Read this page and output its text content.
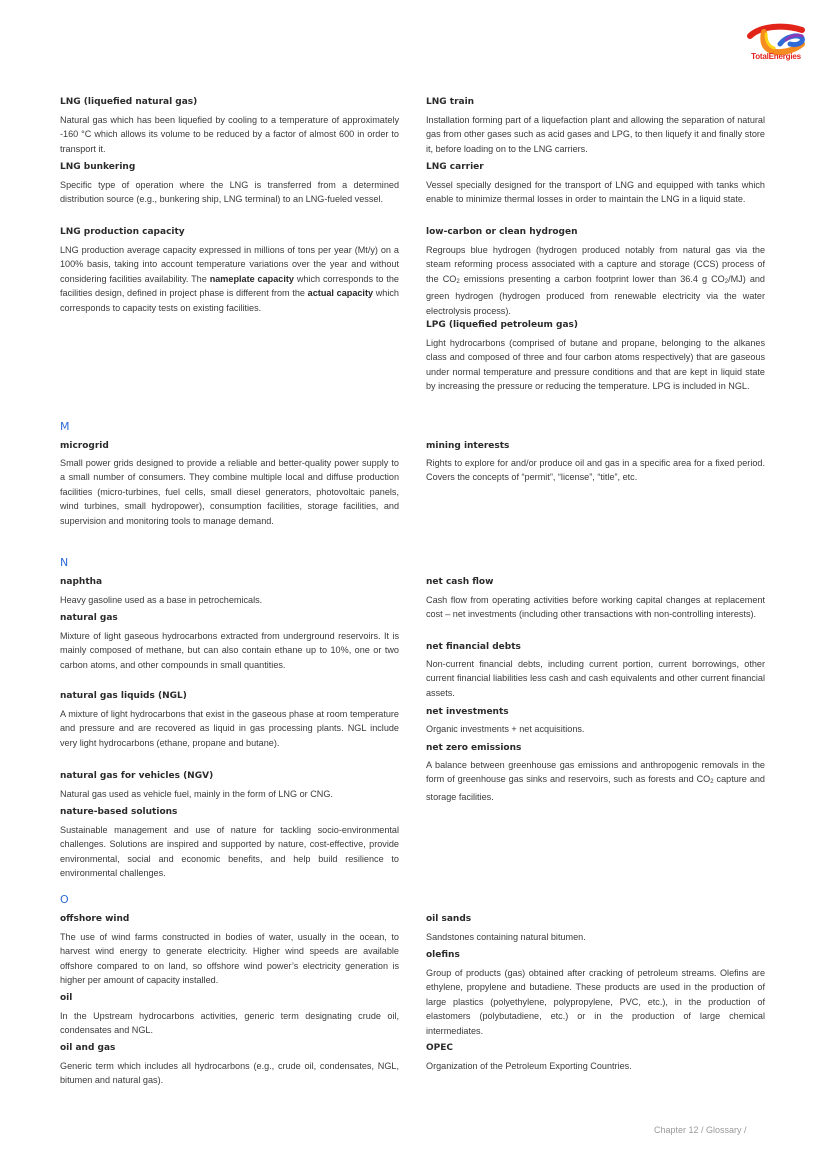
TotalEnergies
LNG (liquefied natural gas)
Natural gas which has been liquefied by cooling to a temperature of approximately -160 °C which allows its volume to be reduced by a factor of almost 600 in order to transport it.
LNG bunkering
Specific type of operation where the LNG is transferred from a determined distribution source (e.g., bunkering ship, LNG terminal) to an LNG-fueled vessel.
LNG production capacity
LNG production average capacity expressed in millions of tons per year (Mt/y) on a 100% basis, taking into account temperature variations over the year and without considering facilities availability. The nameplate capacity which corresponds to the facilities design, defined in project phase is different from the actual capacity which corresponds to capacity tests on existing facilities.
LNG train
Installation forming part of a liquefaction plant and allowing the separation of natural gas from other gases such as acid gases and LPG, to then liquefy it and finally store it, before loading on to the LNG carriers.
LNG carrier
Vessel specially designed for the transport of LNG and equipped with tanks which enable to minimize thermal losses in order to maintain the LNG in a liquid state.
low-carbon or clean hydrogen
Regroups blue hydrogen (hydrogen produced notably from natural gas via the steam reforming process associated with a capture and storage (CCS) process of the $CO_2$ emissions presenting a carbon footprint lower than 36.4 g $CO_2/MJ$) and green hydrogen (hydrogen produced from renewable electricity via the water electrolysis process).
LPG (liquefied petroleum gas)
Light hydrocarbons (comprised of butane and propane, belonging to the alkanes class and composed of three and four carbon atoms respectively) that are gaseous under normal temperature and pressure conditions and that are kept in liquid state by increasing the pressure or reducing the temperature. LPG is included in NGL.
M
microgrid
Small power grids designed to provide a reliable and better-quality power supply to a small number of consumers. They combine multiple local and diffuse production facilities (micro-turbines, fuel cells, small diesel generators, photovoltaic panels, wind turbines, small hydropower), consumption facilities, storage facilities, and supervision and monitoring tools to manage demand.
mining interests
Rights to explore for and/or produce oil and gas in a specific area for a fixed period. Covers the concepts of “permit”, “license”, “title”, etc.
N
naphtha
Heavy gasoline used as a base in petrochemicals.
natural gas
Mixture of light gaseous hydrocarbons extracted from underground reservoirs. It is mainly composed of methane, but can also contain ethane up to 10%, one or two carbon atoms, and other compounds in small quantities.
natural gas liquids (NGL)
A mixture of light hydrocarbons that exist in the gaseous phase at room temperature and pressure and are recovered as liquid in gas processing plants. NGL include very light hydrocarbons (ethane, propane and butane).
natural gas for vehicles (NGV)
Natural gas used as vehicle fuel, mainly in the form of LNG or CNG.
nature-based solutions
Sustainable management and use of nature for tackling socio-environmental challenges. Solutions are inspired and supported by nature, cost-effective, provide environmental, social and economic benefits, and help build resilience to environmental challenges.
net cash flow
Cash flow from operating activities before working capital changes at replacement cost – net investments (including other transactions with non-controlling interests).
net financial debts
Non-current financial debts, including current portion, current borrowings, other current financial liabilities less cash and cash equivalents and other current financial assets.
net investments
Organic investments + net acquisitions.
net zero emissions
A balance between greenhouse gas emissions and anthropogenic removals in the form of greenhouse gas sinks and reservoirs, such as forests and $CO_2$ capture and storage facilities.
O
offshore wind
The use of wind farms constructed in bodies of water, usually in the ocean, to harvest wind energy to generate electricity. Higher wind speeds are available offshore compared to on land, so offshore wind power’s electricity generation is higher per amount of capacity installed.
oil
In the Upstream hydrocarbons activities, generic term designating crude oil, condensates and NGL.
oil and gas
Generic term which includes all hydrocarbons (e.g., crude oil, condensates, NGL, bitumen and natural gas).
oil sands
Sandstones containing natural bitumen.
olefins
Group of products (gas) obtained after cracking of petroleum streams. Olefins are ethylene, propylene and butadiene. These products are used in the production of large plastics (polyethylene, polypropylene, PVC, etc.), in the production of elastomers (polybutadiene, etc.) or in the production of large chemical intermediates.
OPEC
Organization of the Petroleum Exporting Countries.
Chapter 12 / Glossary /
